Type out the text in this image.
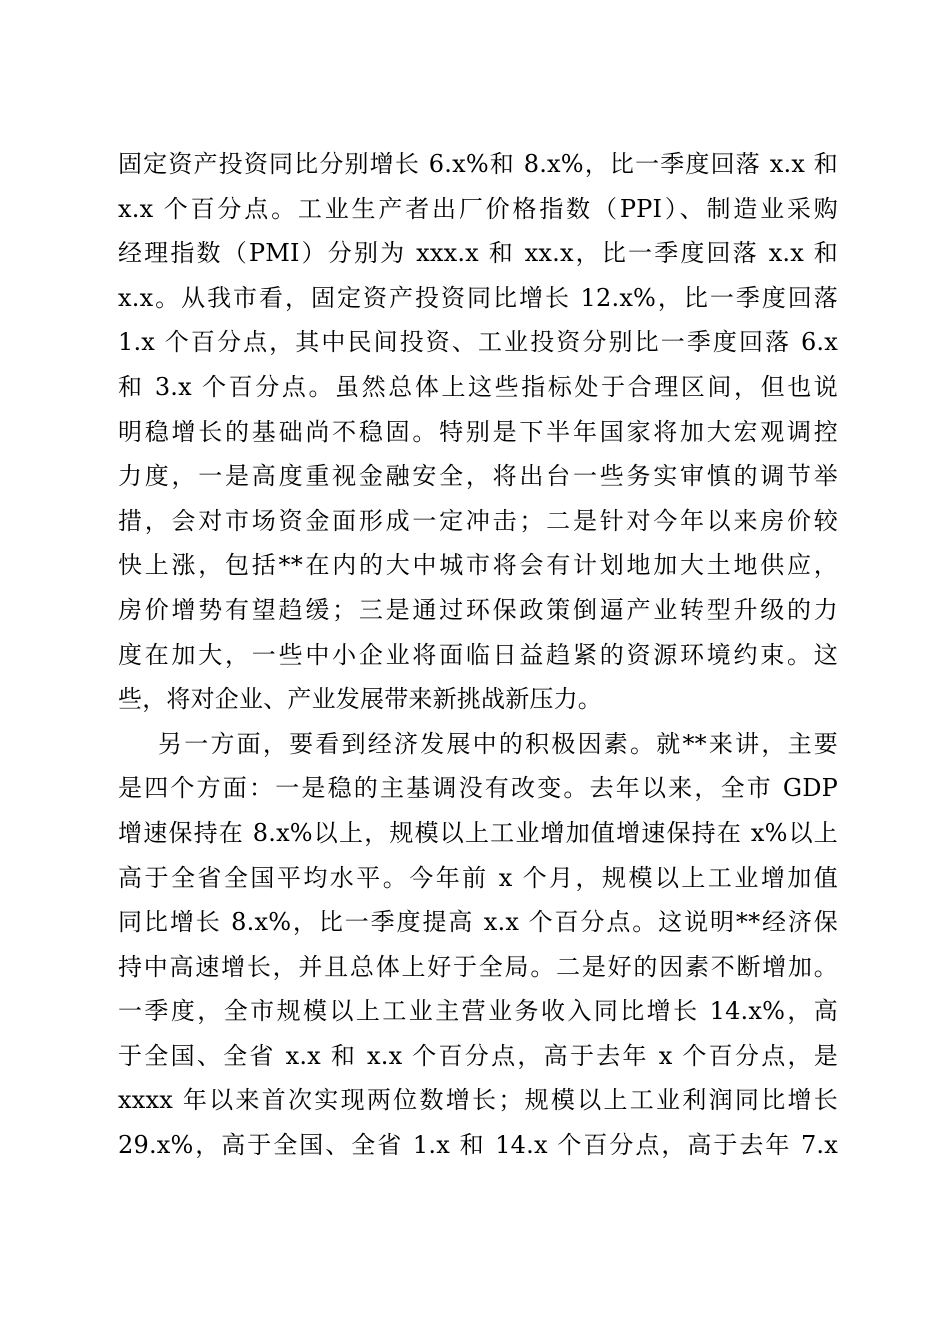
固定资产投资同比分别增长 6.x%和 8.x%，比一季度回落 x.x 和
x.x 个百分点。工业生产者出厂价格指数（PPI）、制造业采购
经理指数（PMI）分别为 xxx.x 和 xx.x，比一季度回落 x.x 和
x.x。从我市看，固定资产投资同比增长 12.x%，比一季度回落
1.x 个百分点，其中民间投资、工业投资分别比一季度回落 6.x
和 3.x 个百分点。虽然总体上这些指标处于合理区间，但也说
明稳增长的基础尚不稳固。特别是下半年国家将加大宏观调控
力度，一是高度重视金融安全，将出台一些务实审慎的调节举
措，会对市场资金面形成一定冲击；二是针对今年以来房价较
快上涨，包括**在内的大中城市将会有计划地加大土地供应，
房价增势有望趋缓；三是通过环保政策倒逼产业转型升级的力
度在加大，一些中小企业将面临日益趋紧的资源环境约束。这
些，将对企业、产业发展带来新挑战新压力。
另一方面，要看到经济发展中的积极因素。就**来讲，主要
是四个方面：一是稳的主基调没有改变。去年以来，全市 GDP
增速保持在 8.x%以上，规模以上工业增加值增速保持在 x%以上
高于全省全国平均水平。今年前 x 个月，规模以上工业增加值
同比增长 8.x%，比一季度提高 x.x 个百分点。这说明**经济保
持中高速增长，并且总体上好于全局。二是好的因素不断增加。
一季度，全市规模以上工业主营业务收入同比增长 14.x%，高
于全国、全省 x.x 和 x.x 个百分点，高于去年 x 个百分点，是
xxxx 年以来首次实现两位数增长；规模以上工业利润同比增长
29.x%，高于全国、全省 1.x 和 14.x 个百分点，高于去年 7.x
